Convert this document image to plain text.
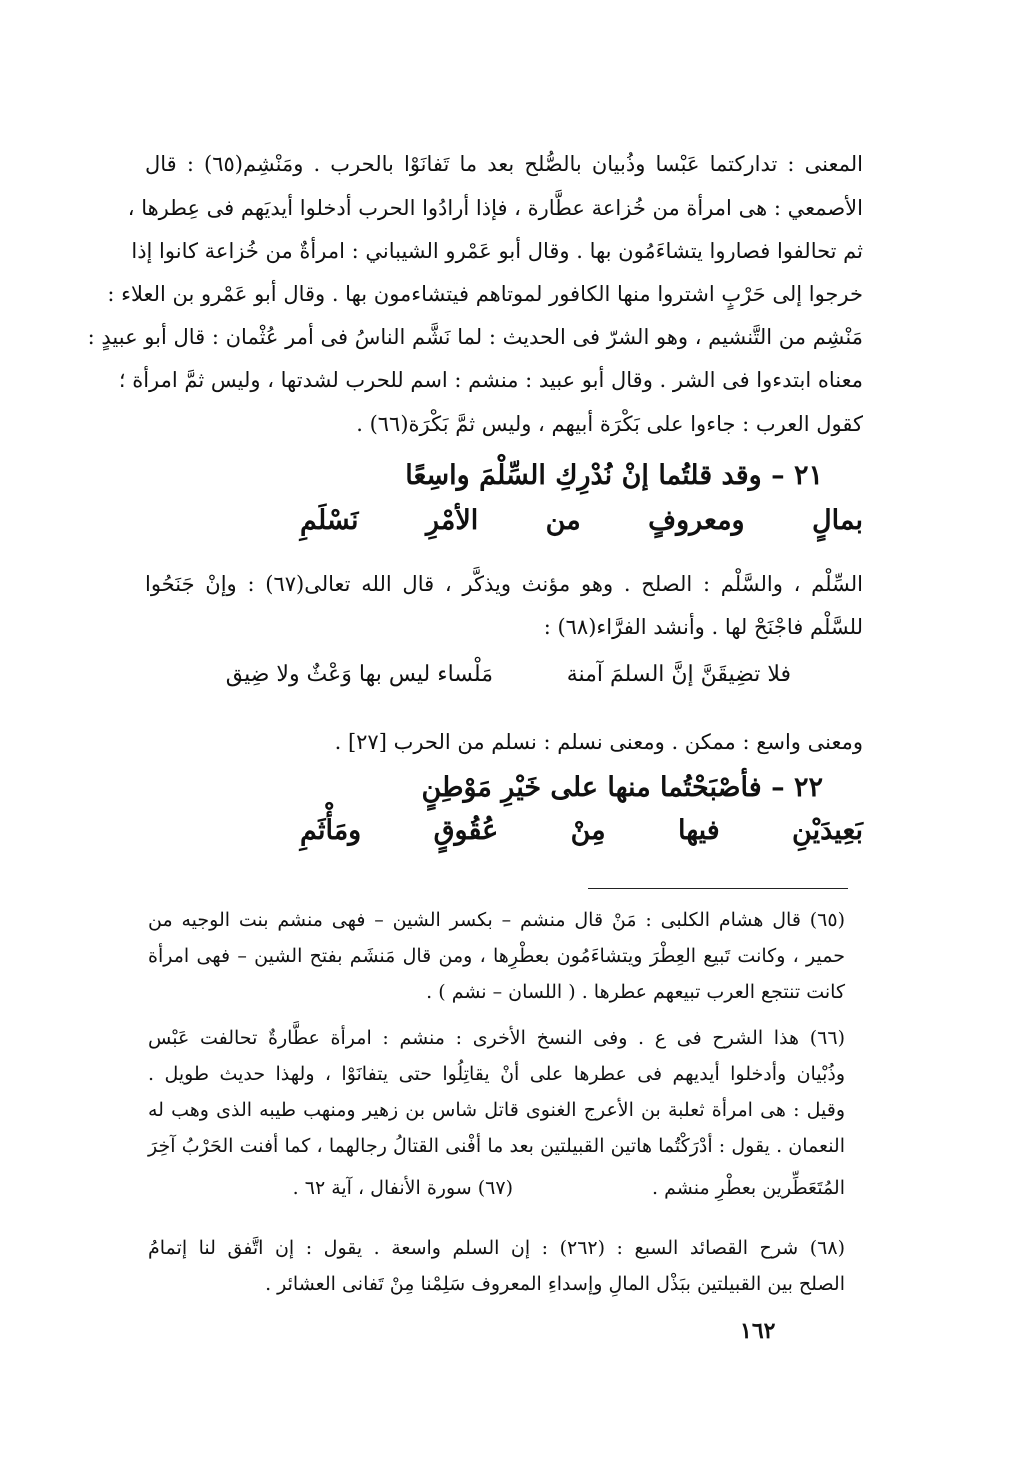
المعنى : تداركتما عَبْسا وذُبيان بالصُّلح بعد ما تَفانَوْا بالحرب . ومَنْشِم(٦٥) : قال
الأصمعي : هى امرأة من خُزاعة عطَّارة ، فإذا أرادُوا الحرب أدخلوا أيديَهم فى عِطرها ،
ثم تحالفوا فصاروا يتشاءَمُون بها . وقال أبو عَمْرو الشيباني : امرأةٌ من خُزاعة كانوا إذا
خرجوا إلى حَرْبٍ اشتروا منها الكافور لموتاهم فيتشاءمون بها . وقال أبو عَمْرو بن العلاء :
مَنْشِم من التَّنشيم ، وهو الشرّ فى الحديث : لما نَشَّم الناسُ فى أمر عُثْمان : قال أبو عبيدٍ :
معناه ابتدءوا فى الشر . وقال أبو عبيد : منشم : اسم للحرب لشدتها ، وليس ثمَّ امرأة ؛
كقول العرب : جاءوا على بَكْرَة أبيهم ، وليس ثمَّ بَكْرَة(٦٦) .
٢١ – وقد قلتُما إنْ نُدْرِكِ السِّلْمَ واسِعًا
بمالٍ ومعروفٍ من الأمْرِ نَسْلَمِ
السِّلْم ، والسَّلْم : الصلح . وهو مؤنث ويذكَّر ، قال الله تعالى(٦٧) : وإنْ جَنَحُوا
للسَّلْم فاجْنَحْ لها . وأنشد الفرَّاء(٦٨) :
فلا تضِيقَنَّ إنَّ السلمَ آمنة
مَلْساء ليس بها وَعْثٌ ولا ضِيق
ومعنى واسع : ممكن . ومعنى نسلم : نسلم من الحرب [٢٧] .
٢٢ – فأصْبَحْتُما منها على خَيْرِ مَوْطِنٍ
بَعِيدَيْنِ فيها مِنْ عُقُوقٍ ومَأْثَمِ
(٦٥) قال هشام الكلبى : مَنْ قال منشم – بكسر الشين – فهى منشم بنت الوجيه من
حمير ، وكانت تَبيع العِطْرَ ويتشاءَمُون بعطْرِها ، ومن قال مَنشَم بفتح الشين – فهى امرأة
كانت تنتجع العرب تبيعهم عطرها . ( اللسان – نشم ) .
(٦٦) هذا الشرح فى ع . وفى النسخ الأخرى : منشم : امرأة عطَّارةٌ تحالفت عَبْس
وذُبْيان وأدخلوا أيديهم فى عطرها على أنْ يقاتِلُوا حتى يتفانَوْا ، ولهذا حديث طويل .
وقيل : هى امرأة ثعلبة بن الأعرج الغنوى قاتل شاس بن زهير ومنهب طيبه الذى وهب له
النعمان . يقول : أدْرَكْتُما هاتين القبيلتين بعد ما أفْنى القتالُ رجالهما ، كما أفنت الحَرْبُ آخِرَ
المُتَعَطِّرين بعطْرِ منشم .
(٦٧) سورة الأنفال ، آية ٦٢ .
(٦٨) شرح القصائد السبع : (٢٦٢) : إن السلم واسعة . يقول : إن اتَّفق لنا إتمامُ
الصلح بين القبيلتين ببَذْل المالِ وإسداءِ المعروف سَلِمْنا مِنْ تَفانى العشائر .
١٦٢
